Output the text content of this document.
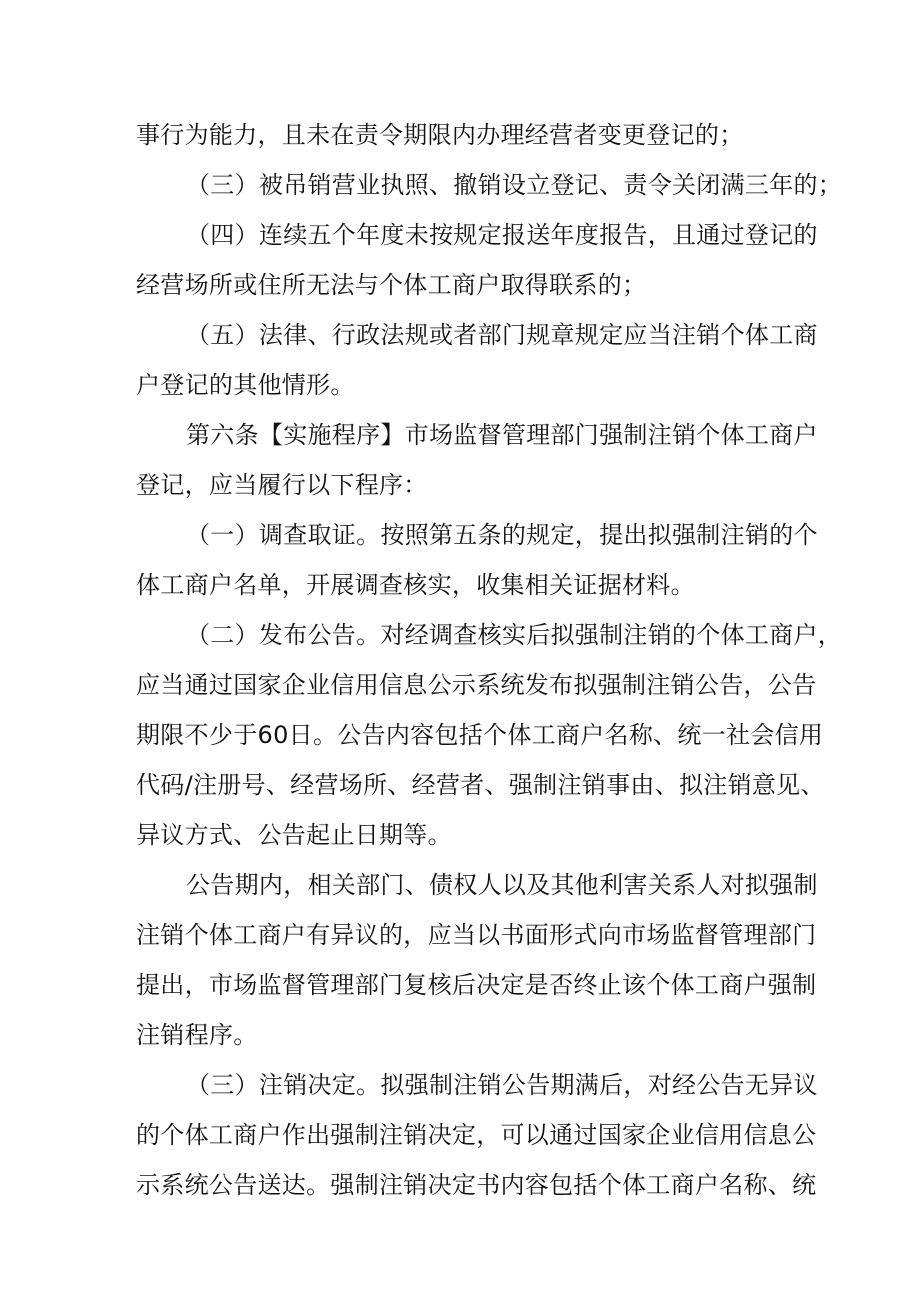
事行为能力，且未在责令期限内办理经营者变更登记的；
（三）被吊销营业执照、撤销设立登记、责令关闭满三年的；
（四）连续五个年度未按规定报送年度报告，且通过登记的
经营场所或住所无法与个体工商户取得联系的；
（五）法律、行政法规或者部门规章规定应当注销个体工商
户登记的其他情形。
第六条【实施程序】市场监督管理部门强制注销个体工商户
登记，应当履行以下程序：
（一）调查取证。按照第五条的规定，提出拟强制注销的个
体工商户名单，开展调查核实，收集相关证据材料。
（二）发布公告。对经调查核实后拟强制注销的个体工商户，
应当通过国家企业信用信息公示系统发布拟强制注销公告，公告
期限不少于60日。公告内容包括个体工商户名称、统一社会信用
代码/注册号、经营场所、经营者、强制注销事由、拟注销意见、
异议方式、公告起止日期等。
公告期内，相关部门、债权人以及其他利害关系人对拟强制
注销个体工商户有异议的，应当以书面形式向市场监督管理部门
提出，市场监督管理部门复核后决定是否终止该个体工商户强制
注销程序。
（三）注销决定。拟强制注销公告期满后，对经公告无异议
的个体工商户作出强制注销决定，可以通过国家企业信用信息公
示系统公告送达。强制注销决定书内容包括个体工商户名称、统
